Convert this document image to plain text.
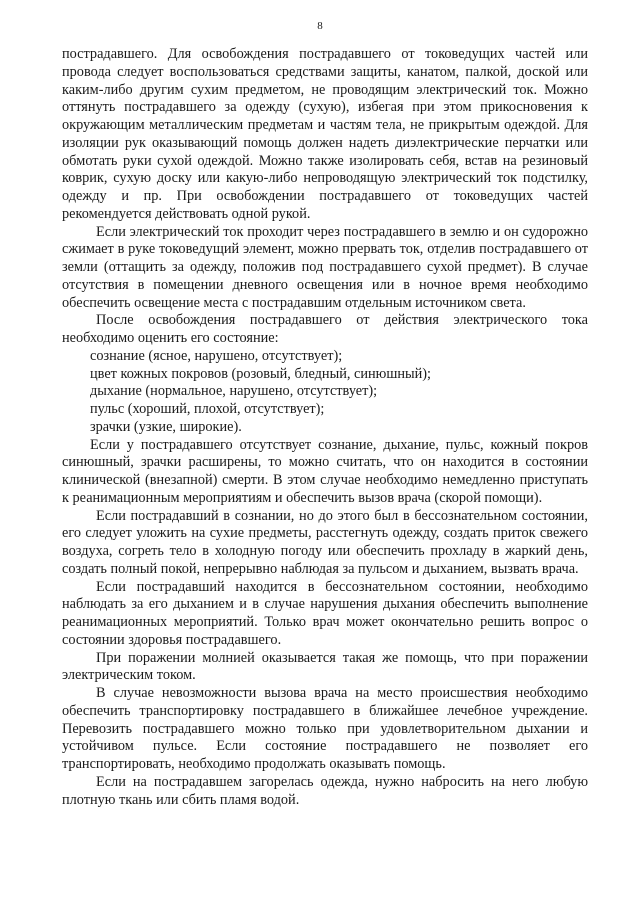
8

пострадавшего. Для освобождения пострадавшего от токоведущих частей или провода следует воспользоваться средствами защиты, канатом, палкой, доской или каким-либо другим сухим предметом, не проводящим электрический ток. Можно оттянуть пострадавшего за одежду (сухую), избегая при этом прикосновения к окружающим металлическим предметам и частям тела, не прикрытым одеждой. Для изоляции рук оказывающий помощь должен надеть диэлектрические перчатки или обмотать руки сухой одеждой. Можно также изолировать себя, встав на резиновый коврик, сухую доску или какую-либо непроводящую электрический ток подстилку, одежду и пр. При освобождении пострадавшего от токоведущих частей рекомендуется действовать одной рукой.

Если электрический ток проходит через пострадавшего в землю и он судорожно сжимает в руке токоведущий элемент, можно прервать ток, отделив пострадавшего от земли (оттащить за одежду, положив под пострадавшего сухой предмет). В случае отсутствия в помещении дневного освещения или в ночное время необходимо обеспечить освещение места с пострадавшим отдельным источником света.

После освобождения пострадавшего от действия электрического тока необходимо оценить его состояние:

сознание (ясное, нарушено, отсутствует);
цвет кожных покровов (розовый, бледный, синюшный);
дыхание (нормальное, нарушено, отсутствует);
пульс (хороший, плохой, отсутствует);
зрачки (узкие, широкие).

Если у пострадавшего отсутствует сознание, дыхание, пульс, кожный покров синюшный, зрачки расширены, то можно считать, что он находится в состоянии клинической (внезапной) смерти. В этом случае необходимо немедленно приступать к реанимационным мероприятиям и обеспечить вызов врача (скорой помощи).

Если пострадавший в сознании, но до этого был в бессознательном состоянии, его следует уложить на сухие предметы, расстегнуть одежду, создать приток свежего воздуха, согреть тело в холодную погоду или обеспечить прохладу в жаркий день, создать полный покой, непрерывно наблюдая за пульсом и дыханием, вызвать врача.

Если пострадавший находится в бессознательном состоянии, необходимо наблюдать за его дыханием и в случае нарушения дыхания обеспечить выполнение реанимационных мероприятий. Только врач может окончательно решить вопрос о состоянии здоровья пострадавшего.

При поражении молнией оказывается такая же помощь, что при поражении электрическим током.

В случае невозможности вызова врача на место происшествия необходимо обеспечить транспортировку пострадавшего в ближайшее лечебное учреждение. Перевозить пострадавшего можно только при удовлетворительном дыхании и устойчивом пульсе. Если состояние пострадавшего не позволяет его транспортировать, необходимо продолжать оказывать помощь.

Если на пострадавшем загорелась одежда, нужно набросить на него любую плотную ткань или сбить пламя водой.
